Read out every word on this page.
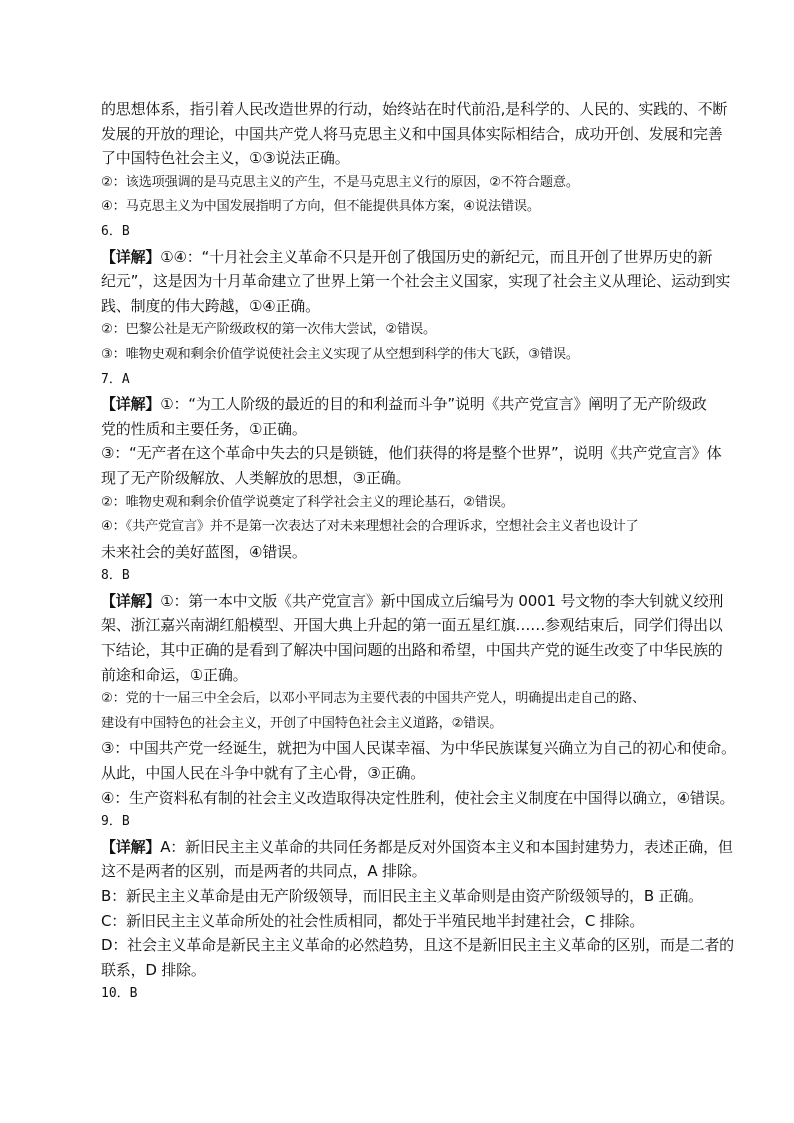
的思想体系，指引着人民改造世界的行动，始终站在时代前沿,是科学的、人民的、实践的、不断
发展的开放的理论，中国共产党人将马克思主义和中国具体实际相结合，成功开创、发展和完善
了中国特色社会主义，①③说法正确。
②：该选项强调的是马克思主义的产生，不是马克思主义行的原因，②不符合题意。
④：马克思主义为中国发展指明了方向，但不能提供具体方案，④说法错误。
6．B
【详解】①④：“十月社会主义革命不只是开创了俄国历史的新纪元，而且开创了世界历史的新
纪元”，这是因为十月革命建立了世界上第一个社会主义国家，实现了社会主义从理论、运动到实
践、制度的伟大跨越，①④正确。
②：巴黎公社是无产阶级政权的第一次伟大尝试，②错误。
③：唯物史观和剩余价值学说使社会主义实现了从空想到科学的伟大飞跃，③错误。
7．A
【详解】①：“为工人阶级的最近的目的和利益而斗争”说明《共产党宣言》阐明了无产阶级政
党的性质和主要任务，①正确。
③：“无产者在这个革命中失去的只是锁链，他们获得的将是整个世界”，说明《共产党宣言》体
现了无产阶级解放、人类解放的思想，③正确。
②：唯物史观和剩余价值学说奠定了科学社会主义的理论基石，②错误。
④：《共产党宣言》并不是第一次表达了对未来理想社会的合理诉求，空想社会主义者也设计了
未来社会的美好蓝图，④错误。
8．B
【详解】①：第一本中文版《共产党宣言》新中国成立后编号为 0001 号文物的李大钊就义绞刑
架、浙江嘉兴南湖红船模型、开国大典上升起的第一面五星红旗……参观结束后，同学们得出以
下结论，其中正确的是看到了解决中国问题的出路和希望，中国共产党的诞生改变了中华民族的
前途和命运，①正确。
②：党的十一届三中全会后，以邓小平同志为主要代表的中国共产党人，明确提出走自己的路、
建设有中国特色的社会主义，开创了中国特色社会主义道路，②错误。
③：中国共产党一经诞生，就把为中国人民谋幸福、为中华民族谋复兴确立为自己的初心和使命。
从此，中国人民在斗争中就有了主心骨，③正确。
④：生产资料私有制的社会主义改造取得决定性胜利，使社会主义制度在中国得以确立，④错误。
9．B
【详解】A：新旧民主主义革命的共同任务都是反对外国资本主义和本国封建势力，表述正确，但
这不是两者的区别，而是两者的共同点，A 排除。
B：新民主主义革命是由无产阶级领导，而旧民主主义革命则是由资产阶级领导的，B 正确。
C：新旧民主主义革命所处的社会性质相同，都处于半殖民地半封建社会，C 排除。
D：社会主义革命是新民主主义革命的必然趋势，且这不是新旧民主主义革命的区别，而是二者的
联系，D 排除。
10．B
